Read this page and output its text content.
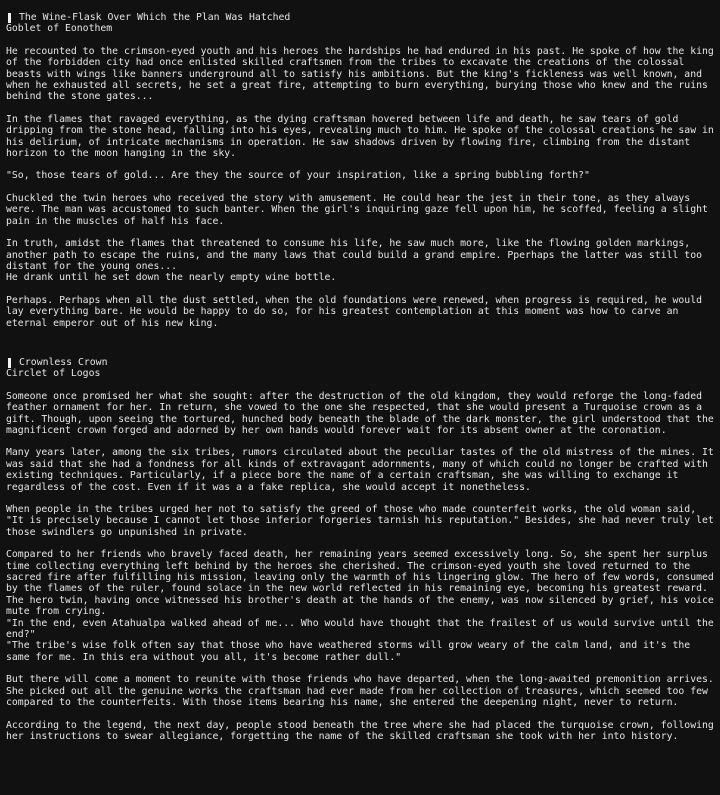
The Wine-Flask Over Which the Plan Was Hatched
Goblet of Eonothem

He recounted to the crimson-eyed youth and his heroes the hardships he had endured in his past. He spoke of how the king of the forbidden city had once enlisted skilled craftsmen from the tribes to excavate the creations of the colossal beasts with wings like banners underground all to satisfy his ambitions. But the king's fickleness was well known, and when he exhausted all secrets, he set a great fire, attempting to burn everything, burying those who knew and the ruins behind the stone gates...

In the flames that ravaged everything, as the dying craftsman hovered between life and death, he saw tears of gold dripping from the stone head, falling into his eyes, revealing much to him. He spoke of the colossal creations he saw in his delirium, of intricate mechanisms in operation. He saw shadows driven by flowing fire, climbing from the distant horizon to the moon hanging in the sky.

"So, those tears of gold... Are they the source of your inspiration, like a spring bubbling forth?"

Chuckled the twin heroes who received the story with amusement. He could hear the jest in their tone, as they always were. The man was accustomed to such banter. When the girl's inquiring gaze fell upon him, he scoffed, feeling a slight pain in the muscles of half his face.

In truth, amidst the flames that threatened to consume his life, he saw much more, like the flowing golden markings, another path to escape the ruins, and the many laws that could build a grand empire. Pperhaps the latter was still too distant for the young ones...

He drank until he set down the nearly empty wine bottle.

Perhaps. Perhaps when all the dust settled, when the old foundations were renewed, when progress is required, he would lay everything bare. He would be happy to do so, for his greatest contemplation at this moment was how to carve an eternal emperor out of his new king.

Crownless Crown
Circlet of Logos

Someone once promised her what she sought: after the destruction of the old kingdom, they would reforge the long-faded feather ornament for her. In return, she vowed to the one she respected, that she would present a Turquoise crown as a gift. Though, upon seeing the tortured, hunched body beneath the blade of the dark monster, the girl understood that the magnificent crown forged and adorned by her own hands would forever wait for its absent owner at the coronation.

Many years later, among the six tribes, rumors circulated about the peculiar tastes of the old mistress of the mines. It was said that she had a fondness for all kinds of extravagant adornments, many of which could no longer be crafted with existing techniques. Particularly, if a piece bore the name of a certain craftsman, she was willing to exchange it regardless of the cost. Even if it was a a fake replica, she would accept it nonetheless.

When people in the tribes urged her not to satisfy the greed of those who made counterfeit works, the old woman said, "It is precisely because I cannot let those inferior forgeries tarnish his reputation." Besides, she had never truly let those swindlers go unpunished in private.

Compared to her friends who bravely faced death, her remaining years seemed excessively long. So, she spent her surplus time collecting everything left behind by the heroes she cherished. The crimson-eyed youth she loved returned to the sacred fire after fulfilling his mission, leaving only the warmth of his lingering glow. The hero of few words, consumed by the flames of the ruler, found solace in the new world reflected in his remaining eye, becoming his greatest reward. The hero twin, having once witnessed his brother's death at the hands of the enemy, was now silenced by grief, his voice mute from crying.

"In the end, even Atahualpa walked ahead of me... Who would have thought that the frailest of us would survive until the end?"

"The tribe's wise folk often say that those who have weathered storms will grow weary of the calm land, and it's the same for me. In this era without you all, it's become rather dull."

But there will come a moment to reunite with those friends who have departed, when the long-awaited premonition arrives. She picked out all the genuine works the craftsman had ever made from her collection of treasures, which seemed too few compared to the counterfeits. With those items bearing his name, she entered the deepening night, never to return.

According to the legend, the next day, people stood beneath the tree where she had placed the turquoise crown, following her instructions to swear allegiance, forgetting the name of the skilled craftsman she took with her into history.
